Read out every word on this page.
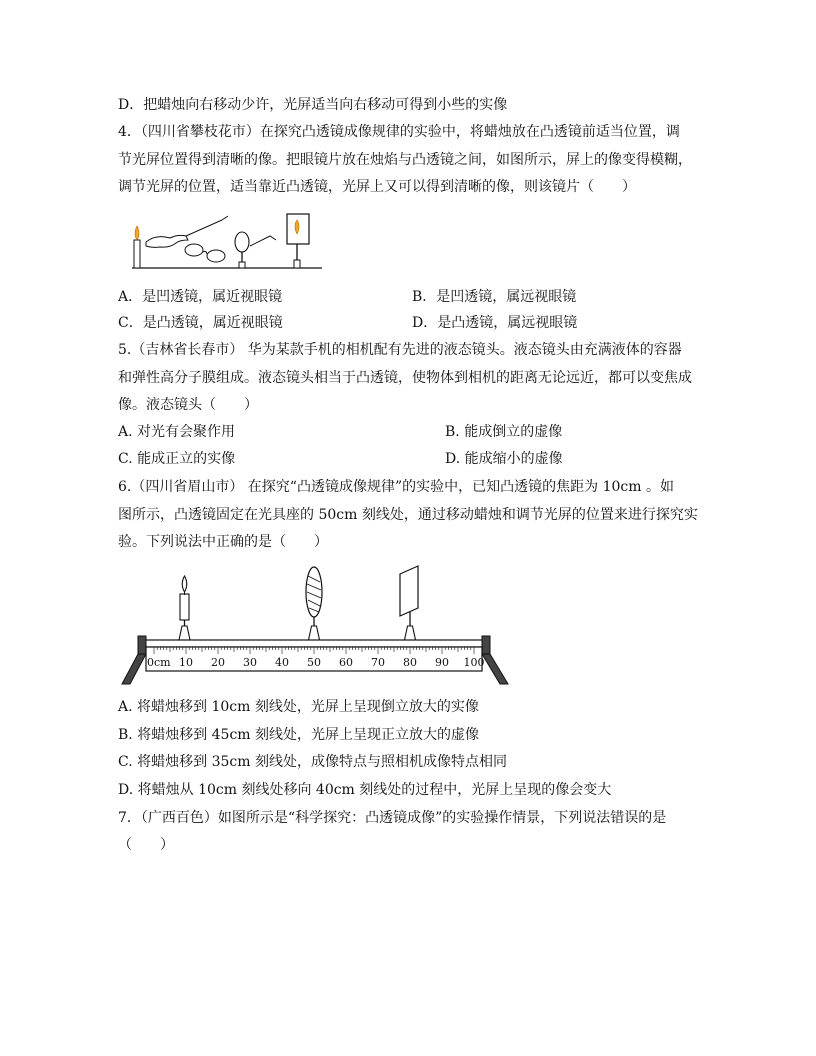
D．把蜡烛向右移动少许，光屏适当向右移动可得到小些的实像
4．（四川省攀枝花市）在探究凸透镜成像规律的实验中，将蜡烛放在凸透镜前适当位置，调
节光屏位置得到清晰的像。把眼镜片放在烛焰与凸透镜之间，如图所示，屏上的像变得模糊，
调节光屏的位置，适当靠近凸透镜，光屏上又可以得到清晰的像，则该镜片（　　）
A．是凹透镜，属近视眼镜	B．是凹透镜，属远视眼镜
C．是凸透镜，属近视眼镜	D．是凸透镜，属远视眼镜
5.（吉林省长春市） 华为某款手机的相机配有先进的液态镜头。液态镜头由充满液体的容器
和弹性高分子膜组成。液态镜头相当于凸透镜，使物体到相机的距离无论远近，都可以变焦成
像。液态镜头（　　）
A. 对光有会聚作用	B. 能成倒立的虚像
C. 能成正立的实像	D. 能成缩小的虚像
6.（四川省眉山市） 在探究“凸透镜成像规律”的实验中，已知凸透镜的焦距为 10cm 。如
图所示，凸透镜固定在光具座的 50cm 刻线处，通过移动蜡烛和调节光屏的位置来进行探究实
验。下列说法中正确的是（　　）
0cm 10 20 30 40 50 60 70 80 90 100
A. 将蜡烛移到 10cm 刻线处，光屏上呈现倒立放大的实像
B. 将蜡烛移到 45cm 刻线处，光屏上呈现正立放大的虚像
C. 将蜡烛移到 35cm 刻线处，成像特点与照相机成像特点相同
D. 将蜡烛从 10cm 刻线处移向 40cm 刻线处的过程中，光屏上呈现的像会变大
7．（广西百色）如图所示是“科学探究：凸透镜成像”的实验操作情景，下列说法错误的是
（　　）
